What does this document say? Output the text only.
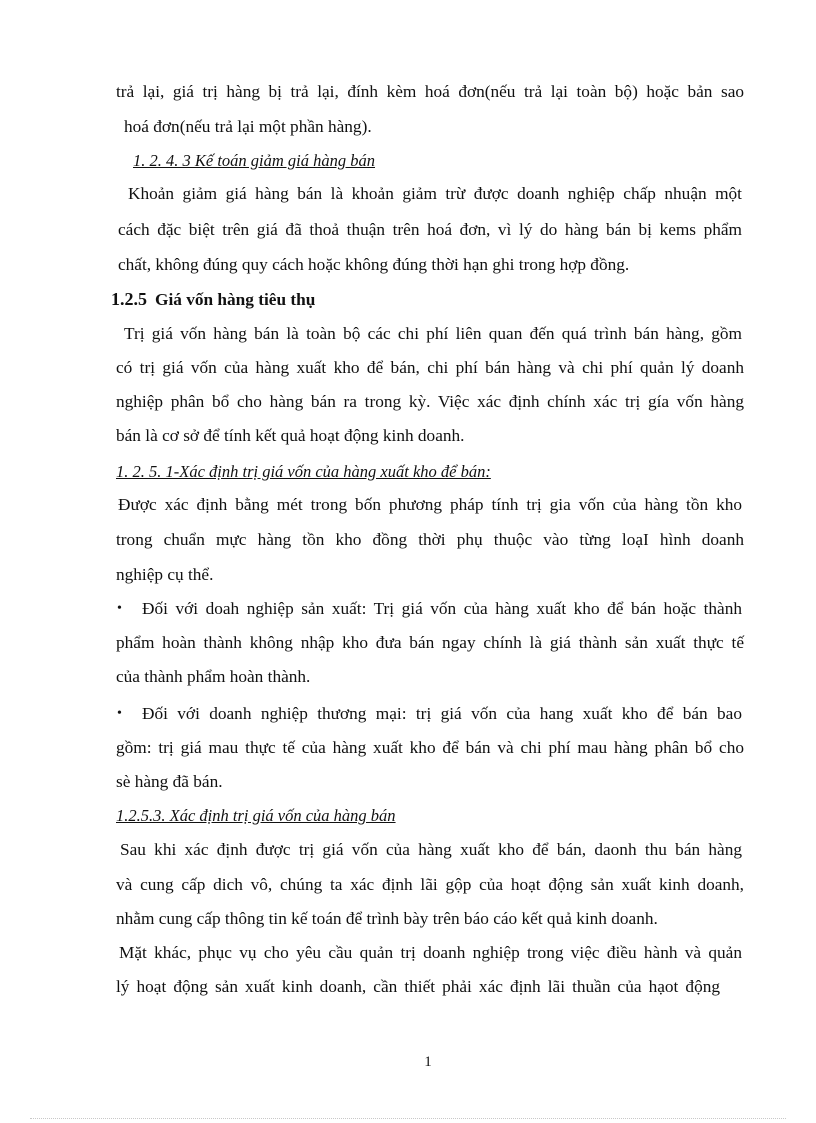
trả lại, giá trị hàng bị trả lại, đính kèm hoá đơn(nếu trả lại toàn bộ) hoặc bản sao

hoá đơn(nếu trả lại một phần hàng).

1. 2. 4. 3 Kế toán giảm giá hàng bán

Khoản giảm giá hàng bán là khoản giảm trừ được doanh nghiệp chấp nhuận một

cách đặc biệt trên giá đã thoả thuận trên hoá đơn, vì lý do hàng bán bị kems phẩm

chất, không đúng quy cách hoặc không đúng thời hạn ghi trong hợp đồng.

1.2.5 Giá vốn hàng tiêu thụ

Trị giá vốn hàng bán là toàn bộ các chi phí liên quan đến quá trình bán hàng, gồm

có trị giá vốn của hàng xuất kho để bán, chi phí bán hàng và chi phí quản lý doanh

nghiệp phân bổ cho hàng bán ra trong kỳ. Việc xác định chính xác trị gía vốn hàng

bán là cơ sở để tính kết quả hoạt động kinh doanh.

1. 2. 5. 1-Xác định trị giá vốn của hàng xuất kho để bán:

Được xác định bằng mét trong bốn phương pháp tính trị gia vốn của hàng tồn kho

trong chuẩn mực hàng tồn kho đồng thời phụ thuộc vào từng loạI hình doanh

nghiệp cụ thể.

• Đối với doah nghiệp sản xuất: Trị giá vốn của hàng xuất kho để bán hoặc thành

phẩm hoàn thành không nhập kho đưa bán ngay chính là giá thành sản xuất thực tế

của thành phẩm hoàn thành.

• Đối với doanh nghiệp thương mại: trị giá vốn của hang xuất kho để bán bao

gồm: trị giá mau thực tế của hàng xuất kho để bán và chi phí mau hàng phân bổ cho

sè hàng đã bán.

1.2.5.3. Xác định trị giá vốn của hàng bán

Sau khi xác định được trị giá vốn của hàng xuất kho để bán, daonh thu bán hàng

và cung cấp dich vô, chúng ta xác định lãi gộp của hoạt động sản xuất kinh doanh,

nhằm cung cấp thông tin kế toán để trình bày trên báo cáo kết quả kinh doanh.

Mặt khác, phục vụ cho yêu cầu quản trị doanh nghiệp trong việc điều hành và quản

lý hoạt động sản xuất kinh doanh, cần thiết phải xác định lãi thuần của hạot động

1
